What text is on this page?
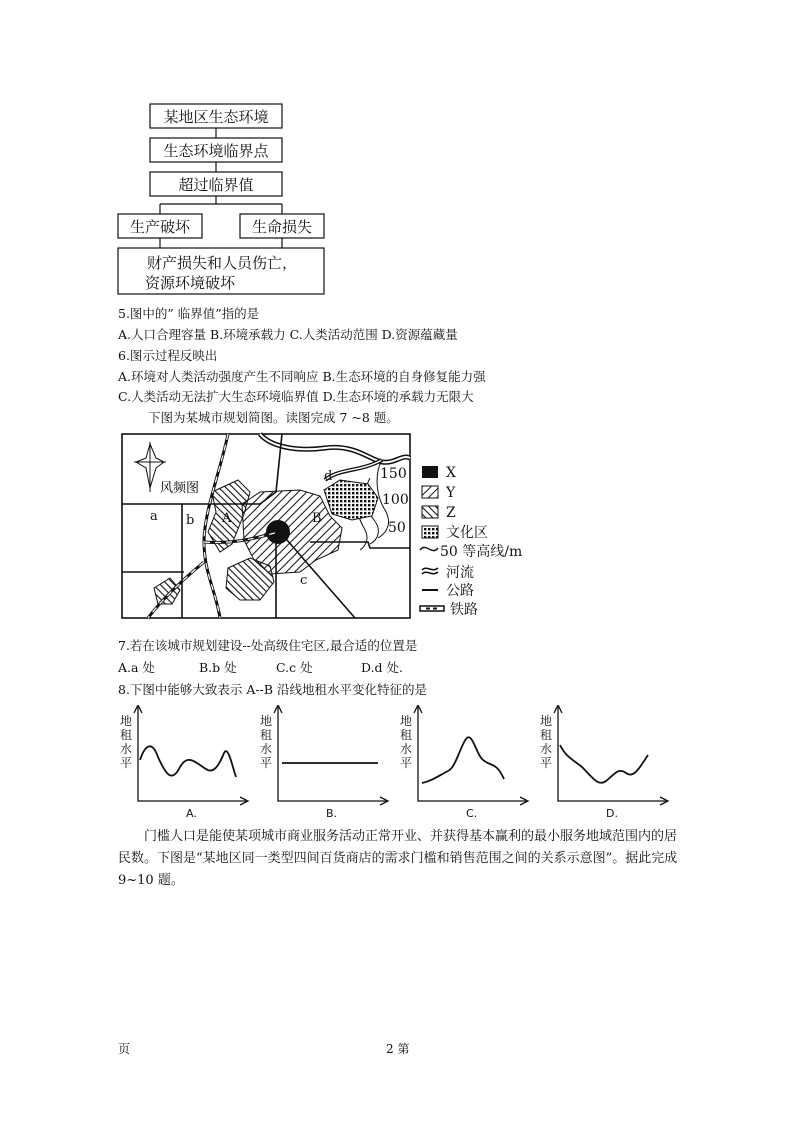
某地区生态环境
生态环境临界点
超过临界值
生产破坏	生命损失
财产损失和人员伤亡，
资源环境破坏
5.图中的” 临界值”指的是
A.人口合理容量 B.环境承载力 C.人类活动范围 D.资源蕴藏量
6.图示过程反映出
A.环境对人类活动强度产生不同响应 B.生态环境的自身修复能力强
C.人类活动无法扩大生态环境临界值 D.生态环境的承载力无限大
下图为某城市规划简图。读图完成 7 ~8 题。
风频图
a b
c
d
A	B
150
100
50
X
Y
Z
文化区
50 等高线/m
河流
公路
铁路
7.若在该城市规划建设--处高级住宅区,最合适的位置是
A.a 处	B.b 处	C.c 处	D.d 处.
8.下图中能够大致表示 A--B 沿线地租水平变化特征的是
地
租
水
平
A.
地
租
水
平
B.
地
租
水
平
C.
地
租
水
平
D.
门槛人口是能使某项城市商业服务活动正常开业、并获得基本赢利的最小服务地域范围内的居民数。下图是“某地区同一类型四间百货商店的需求门槛和销售范围之间的关系示意图”。据此完成 9~10 题。
页	2 第
